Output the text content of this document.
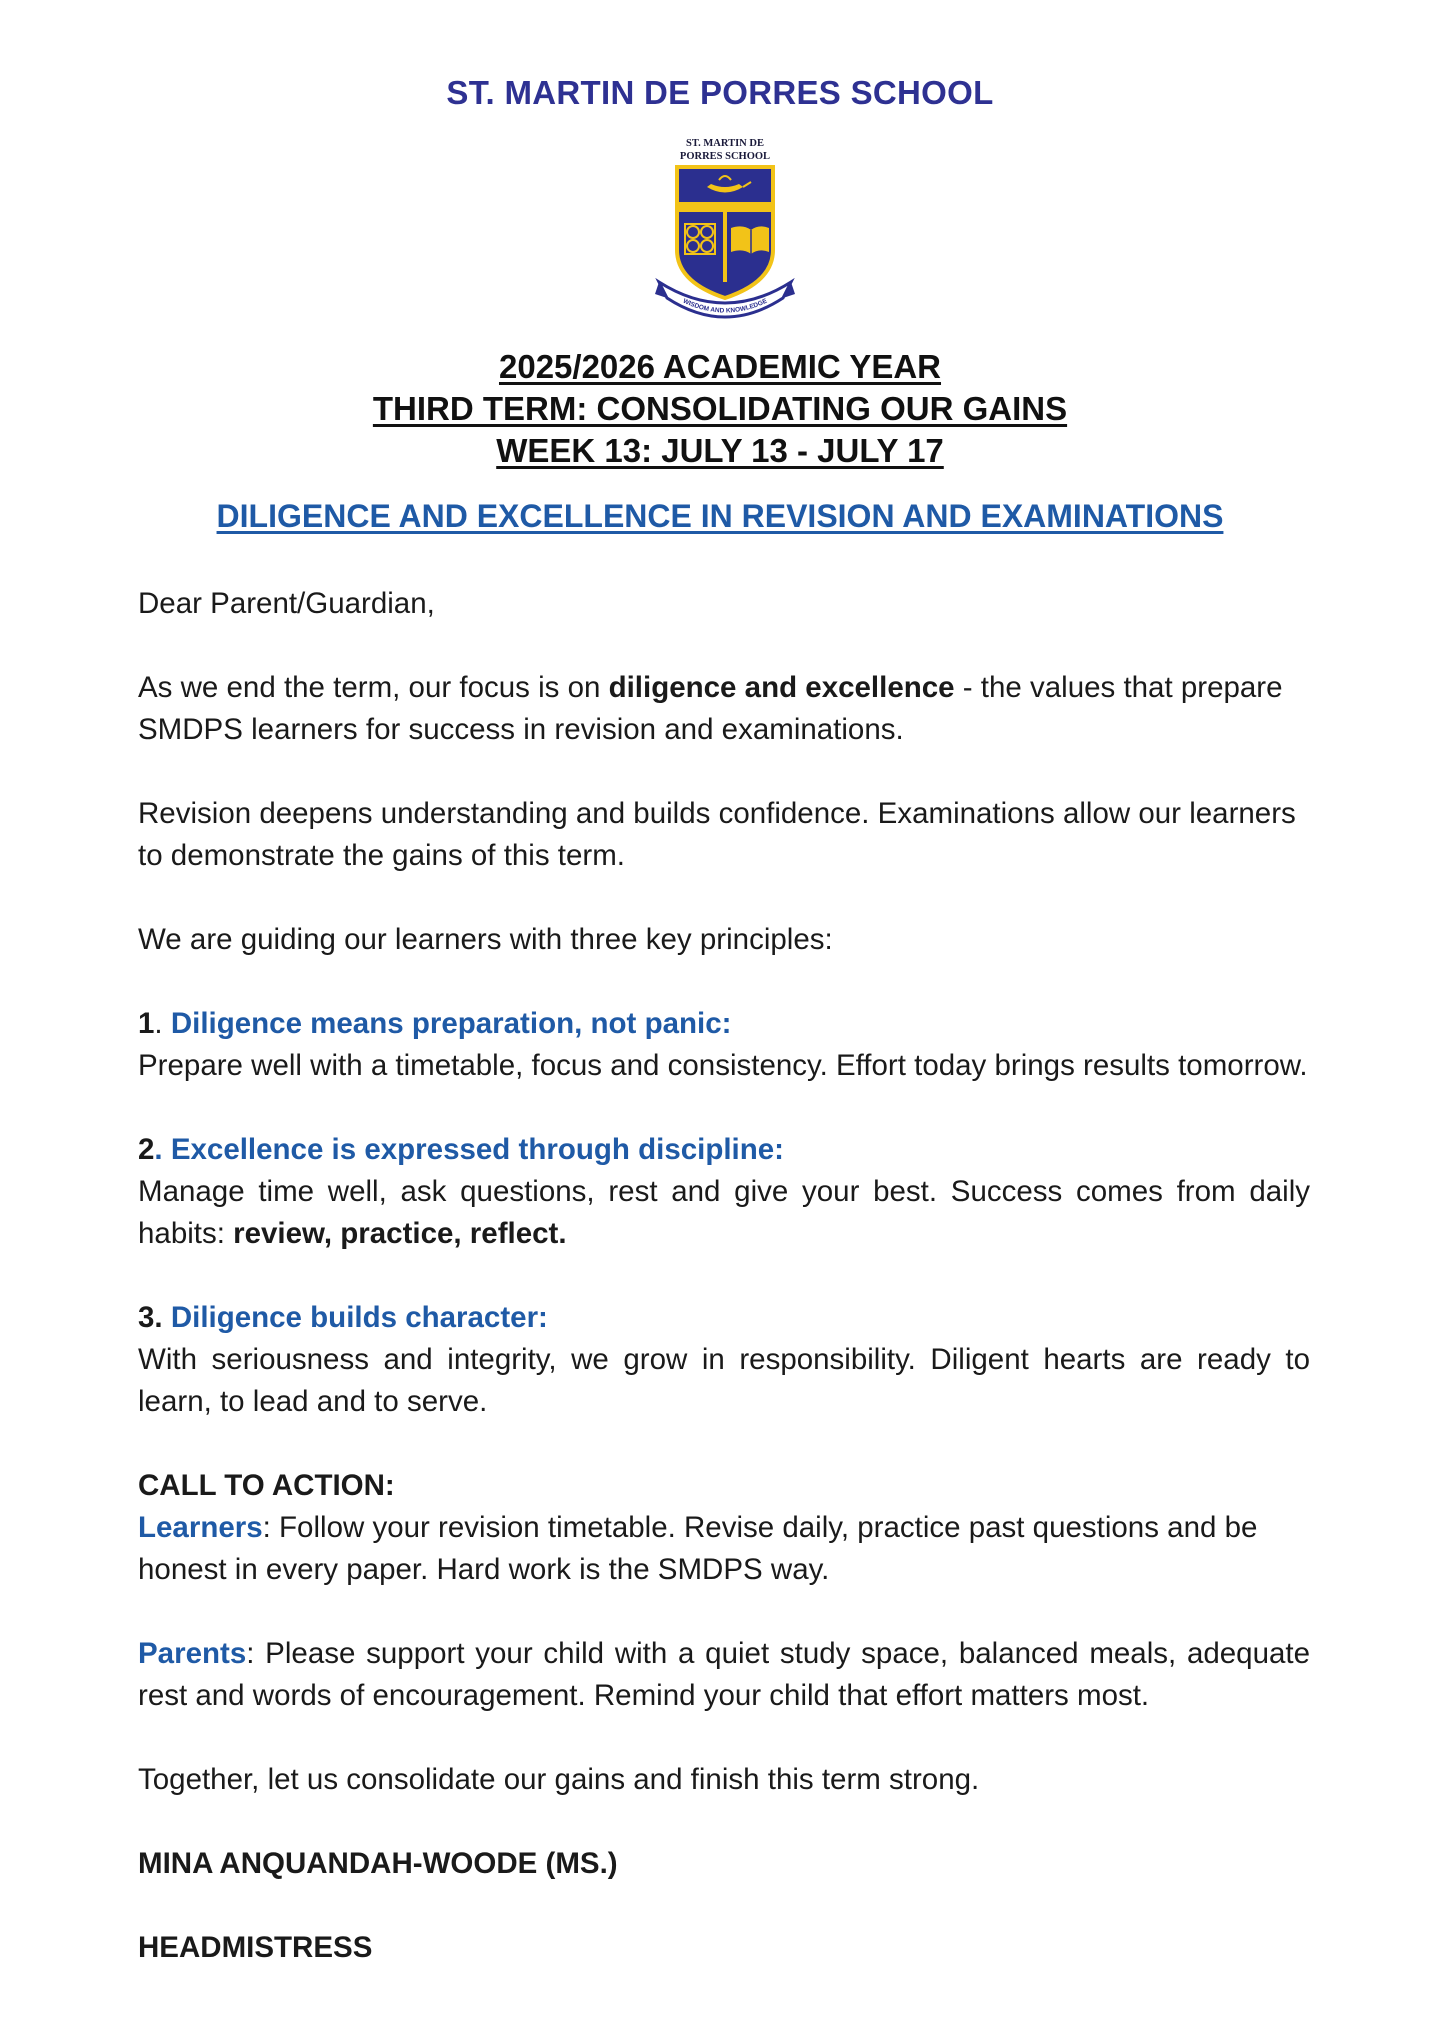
ST. MARTIN DE PORRES SCHOOL
ST. MARTIN DE
PORRES SCHOOL
WISDOM AND KNOWLEDGE
2025/2026 ACADEMIC YEAR
THIRD TERM: CONSOLIDATING OUR GAINS
WEEK 13: JULY 13 - JULY 17
DILIGENCE AND EXCELLENCE IN REVISION AND EXAMINATIONS

Dear Parent/Guardian,

As we end the term, our focus is on diligence and excellence - the values that prepare SMDPS learners for success in revision and examinations.

Revision deepens understanding and builds confidence. Examinations allow our learners to demonstrate the gains of this term.

We are guiding our learners with three key principles:

1. Diligence means preparation, not panic:
Prepare well with a timetable, focus and consistency. Effort today brings results tomorrow.

2. Excellence is expressed through discipline:
Manage time well, ask questions, rest and give your best. Success comes from daily habits: review, practice, reflect.

3. Diligence builds character:
With seriousness and integrity, we grow in responsibility. Diligent hearts are ready to learn, to lead and to serve.

CALL TO ACTION:
Learners: Follow your revision timetable. Revise daily, practice past questions and be honest in every paper. Hard work is the SMDPS way.

Parents: Please support your child with a quiet study space, balanced meals, adequate rest and words of encouragement. Remind your child that effort matters most.

Together, let us consolidate our gains and finish this term strong.

MINA ANQUANDAH-WOODE (MS.)

HEADMISTRESS
